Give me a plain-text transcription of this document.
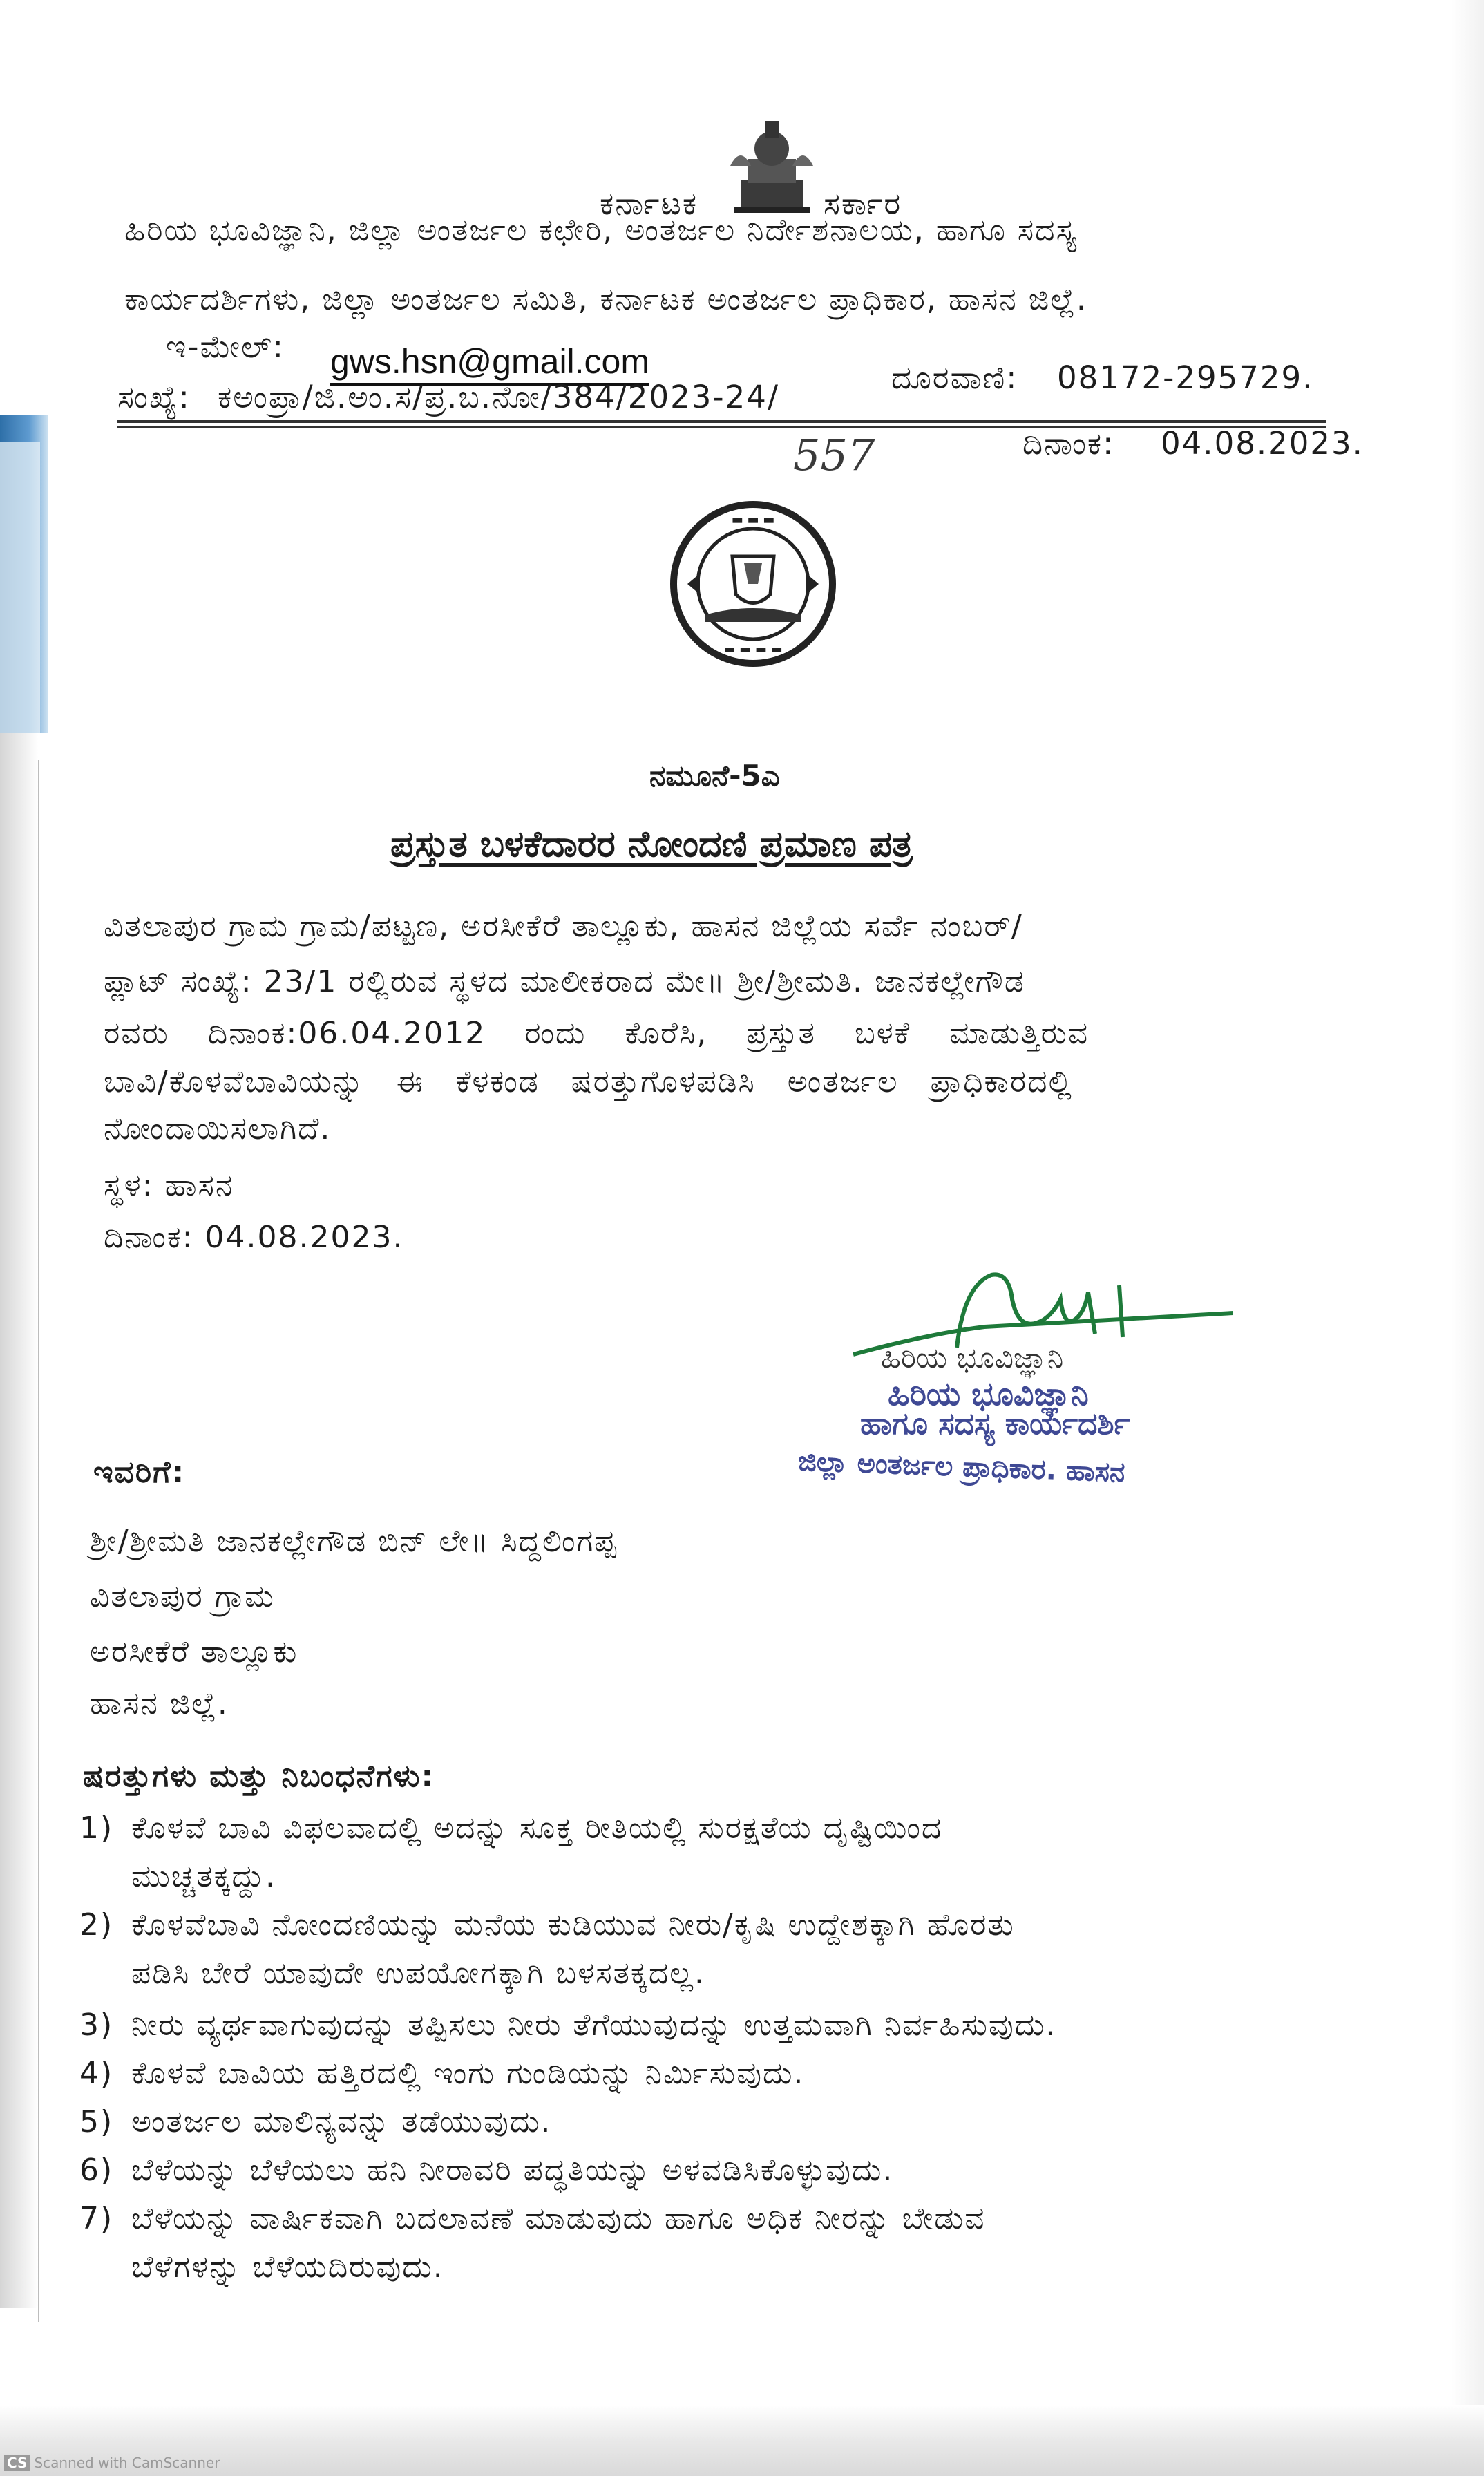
ಕರ್ನಾಟಕ	ಸರ್ಕಾರ
ಹಿರಿಯ ಭೂವಿಜ್ಞಾನಿ, ಜಿಲ್ಲಾ ಅಂತರ್ಜಲ ಕಛೇರಿ, ಅಂತರ್ಜಲ ನಿರ್ದೇಶನಾಲಯ, ಹಾಗೂ ಸದಸ್ಯ
ಕಾರ್ಯದರ್ಶಿಗಳು, ಜಿಲ್ಲಾ ಅಂತರ್ಜಲ ಸಮಿತಿ, ಕರ್ನಾಟಕ ಅಂತರ್ಜಲ ಪ್ರಾಧಿಕಾರ, ಹಾಸನ ಜಿಲ್ಲೆ.
ಇ-ಮೇಲ್: gws.hsn@gmail.com	ದೂರವಾಣಿ: 08172-295729.
ಸಂಖ್ಯೆ: ಕಅಂಪ್ರಾ/ಜಿ.ಅಂ.ಸ/ಪ್ರ.ಬ.ನೋ/384/2023-24/
557	ದಿನಾಂಕ: 04.08.2023.
▬ ▬ ▬
▬ ▬ ▬ ▬
ನಮೂನೆ-5ಎ
ಪ್ರಸ್ತುತ ಬಳಕೆದಾರರ ನೋಂದಣಿ ಪ್ರಮಾಣ ಪತ್ರ
ವಿತಲಾಪುರ ಗ್ರಾಮ ಗ್ರಾಮ/ಪಟ್ಟಣ, ಅರಸೀಕೆರೆ ತಾಲ್ಲೂಕು, ಹಾಸನ ಜಿಲ್ಲೆಯ ಸರ್ವೆ ನಂಬರ್/
ಪ್ಲಾಟ್ ಸಂಖ್ಯೆ: 23/1 ರಲ್ಲಿರುವ ಸ್ಥಳದ ಮಾಲೀಕರಾದ ಮೇ॥ ಶ್ರೀ/ಶ್ರೀಮತಿ. ಜಾನಕಲ್ಲೇಗೌಡ
ರವರು ದಿನಾಂಕ:06.04.2012 ರಂದು ಕೊರೆಸಿ, ಪ್ರಸ್ತುತ ಬಳಕೆ ಮಾಡುತ್ತಿರುವ
ಬಾವಿ/ಕೊಳವೆಬಾವಿಯನ್ನು ಈ ಕೆಳಕಂಡ ಷರತ್ತುಗೊಳಪಡಿಸಿ ಅಂತರ್ಜಲ ಪ್ರಾಧಿಕಾರದಲ್ಲಿ
ನೋಂದಾಯಿಸಲಾಗಿದೆ.
ಸ್ಥಳ: ಹಾಸನ
ದಿನಾಂಕ: 04.08.2023.
ಹಿರಿಯ ಭೂವಿಜ್ಞಾನಿ
ಹಿರಿಯ ಭೂವಿಜ್ಞಾನಿ
ಹಾಗೂ ಸದಸ್ಯ ಕಾರ್ಯದರ್ಶಿ
ಜಿಲ್ಲಾ ಅಂತರ್ಜಲ ಪ್ರಾಧಿಕಾರ. ಹಾಸನ
ಇವರಿಗೆ:
ಶ್ರೀ/ಶ್ರೀಮತಿ ಜಾನಕಲ್ಲೇಗೌಡ ಬಿನ್ ಲೇ॥ ಸಿದ್ದಲಿಂಗಪ್ಪ
ವಿತಲಾಪುರ ಗ್ರಾಮ
ಅರಸೀಕೆರೆ ತಾಲ್ಲೂಕು
ಹಾಸನ ಜಿಲ್ಲೆ.
ಷರತ್ತುಗಳು ಮತ್ತು ನಿಬಂಧನೆಗಳು:
1) ಕೊಳವೆ ಬಾವಿ ವಿಫಲವಾದಲ್ಲಿ ಅದನ್ನು ಸೂಕ್ತ ರೀತಿಯಲ್ಲಿ ಸುರಕ್ಷತೆಯ ದೃಷ್ಟಿಯಿಂದ
ಮುಚ್ಚತಕ್ಕದ್ದು.
2) ಕೊಳವೆಬಾವಿ ನೋಂದಣಿಯನ್ನು ಮನೆಯ ಕುಡಿಯುವ ನೀರು/ಕೃಷಿ ಉದ್ದೇಶಕ್ಕಾಗಿ ಹೊರತು
ಪಡಿಸಿ ಬೇರೆ ಯಾವುದೇ ಉಪಯೋಗಕ್ಕಾಗಿ ಬಳಸತಕ್ಕದಲ್ಲ.
3) ನೀರು ವ್ಯರ್ಥವಾಗುವುದನ್ನು ತಪ್ಪಿಸಲು ನೀರು ತೆಗೆಯುವುದನ್ನು ಉತ್ತಮವಾಗಿ ನಿರ್ವಹಿಸುವುದು.
4) ಕೊಳವೆ ಬಾವಿಯ ಹತ್ತಿರದಲ್ಲಿ ಇಂಗು ಗುಂಡಿಯನ್ನು ನಿರ್ಮಿಸುವುದು.
5) ಅಂತರ್ಜಲ ಮಾಲಿನ್ಯವನ್ನು ತಡೆಯುವುದು.
6) ಬೆಳೆಯನ್ನು ಬೆಳೆಯಲು ಹನಿ ನೀರಾವರಿ ಪದ್ಧತಿಯನ್ನು ಅಳವಡಿಸಿಕೊಳ್ಳುವುದು.
7) ಬೆಳೆಯನ್ನು ವಾರ್ಷಿಕವಾಗಿ ಬದಲಾವಣೆ ಮಾಡುವುದು ಹಾಗೂ ಅಧಿಕ ನೀರನ್ನು ಬೇಡುವ
ಬೆಳೆಗಳನ್ನು ಬೆಳೆಯದಿರುವುದು.
CS Scanned with CamScanner
